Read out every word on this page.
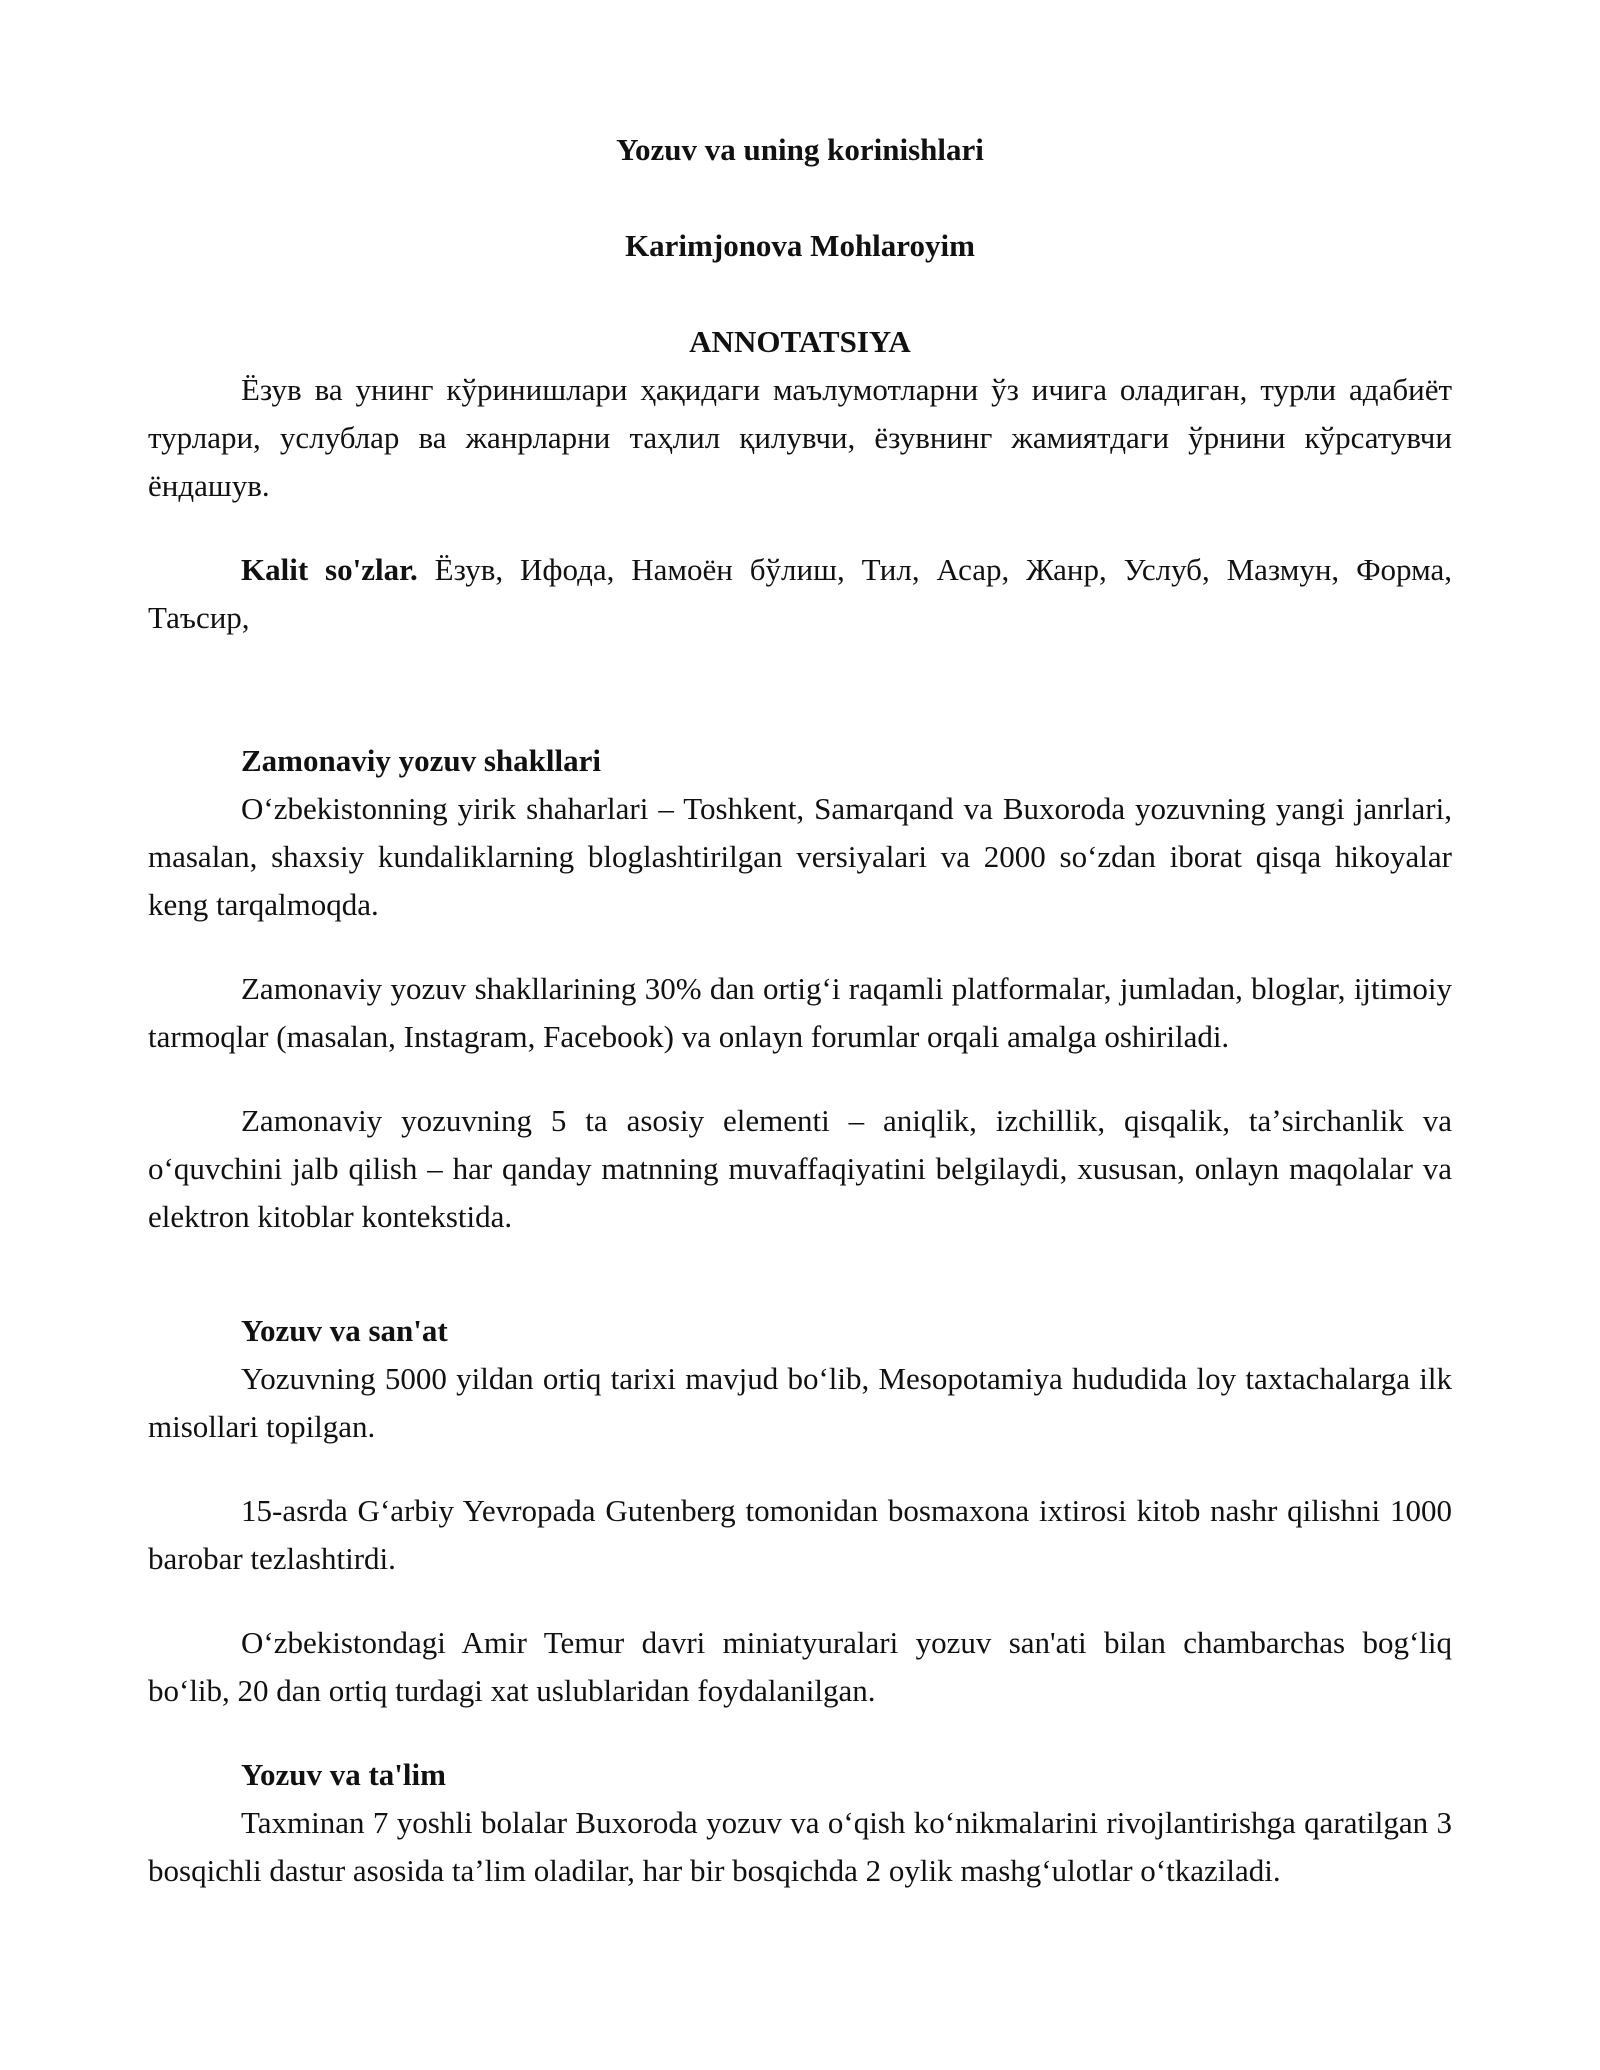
Yozuv va uning korinishlari

Karimjonova Mohlaroyim

ANNOTATSIYA

Ёзув ва унинг кўринишлари ҳақидаги маълумотларни ўз ичига оладиган, турли адабиёт турлари, услублар ва жанрларни таҳлил қилувчи, ёзувнинг жамиятдаги ўрнини кўрсатувчи ёндашув.

Kalit so'zlar. Ёзув, Ифода, Намоён бўлиш, Тил, Асар, Жанр, Услуб, Мазмун, Форма, Таъсир,

Zamonaviy yozuv shakllari

Oʻzbekistonning yirik shaharlari – Toshkent, Samarqand va Buxoroda yozuvning yangi janrlari, masalan, shaxsiy kundaliklarning bloglashtirilgan versiyalari va 2000 soʻzdan iborat qisqa hikoyalar keng tarqalmoqda.

Zamonaviy yozuv shakllarining 30% dan ortigʻi raqamli platformalar, jumladan, bloglar, ijtimoiy tarmoqlar (masalan, Instagram, Facebook) va onlayn forumlar orqali amalga oshiriladi.

Zamonaviy yozuvning 5 ta asosiy elementi – aniqlik, izchillik, qisqalik, taʼsirchanlik va oʻquvchini jalb qilish – har qanday matnning muvaffaqiyatini belgilaydi, xususan, onlayn maqolalar va elektron kitoblar kontekstida.

Yozuv va san'at

Yozuvning 5000 yildan ortiq tarixi mavjud boʻlib, Mesopotamiya hududida loy taxtachalarga ilk misollari topilgan.

15-asrda Gʻarbiy Yevropada Gutenberg tomonidan bosmaxona ixtirosi kitob nashr qilishni 1000 barobar tezlashtirdi.

Oʻzbekistondagi Amir Temur davri miniatyuralari yozuv san'ati bilan chambarchas bogʻliq boʻlib, 20 dan ortiq turdagi xat uslublaridan foydalanilgan.

Yozuv va ta'lim

Taxminan 7 yoshli bolalar Buxoroda yozuv va oʻqish koʻnikmalarini rivojlantirishga qaratilgan 3 bosqichli dastur asosida taʼlim oladilar, har bir bosqichda 2 oylik mashgʻulotlar oʻtkaziladi.
